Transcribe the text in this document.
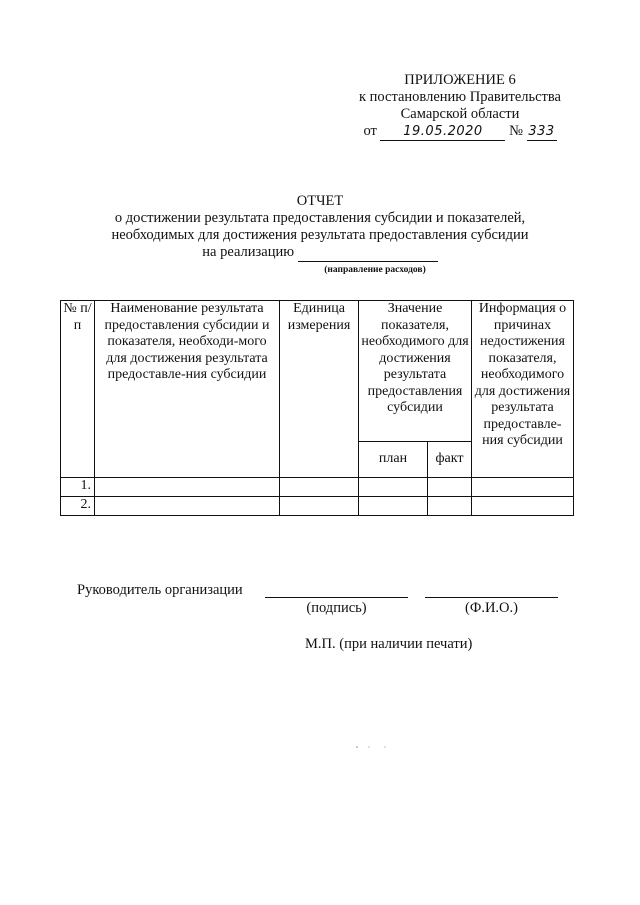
ПРИЛОЖЕНИЕ 6
к постановлению Правительства
Самарской области
от 19.05.2020 № 333
ОТЧЕТ
о достижении результата предоставления субсидии и показателей,
необходимых для достижения результата предоставления субсидии
на реализацию
(направление расходов)
№ п/п	Наименование результата предоставления субсидии и показателя, необходи-мого для достижения результата предоставле-ния субсидии	Единица измерения	Значение показателя, необходимого для достижения результата предоставления субсидии		Информация о причинах недостижения показателя, необходимого для достижения результата предоставле-ния субсидии
			план	факт	
1.					
2.					
Руководитель организации
(подпись)	(Ф.И.О.)
М.П. (при наличии печати)
